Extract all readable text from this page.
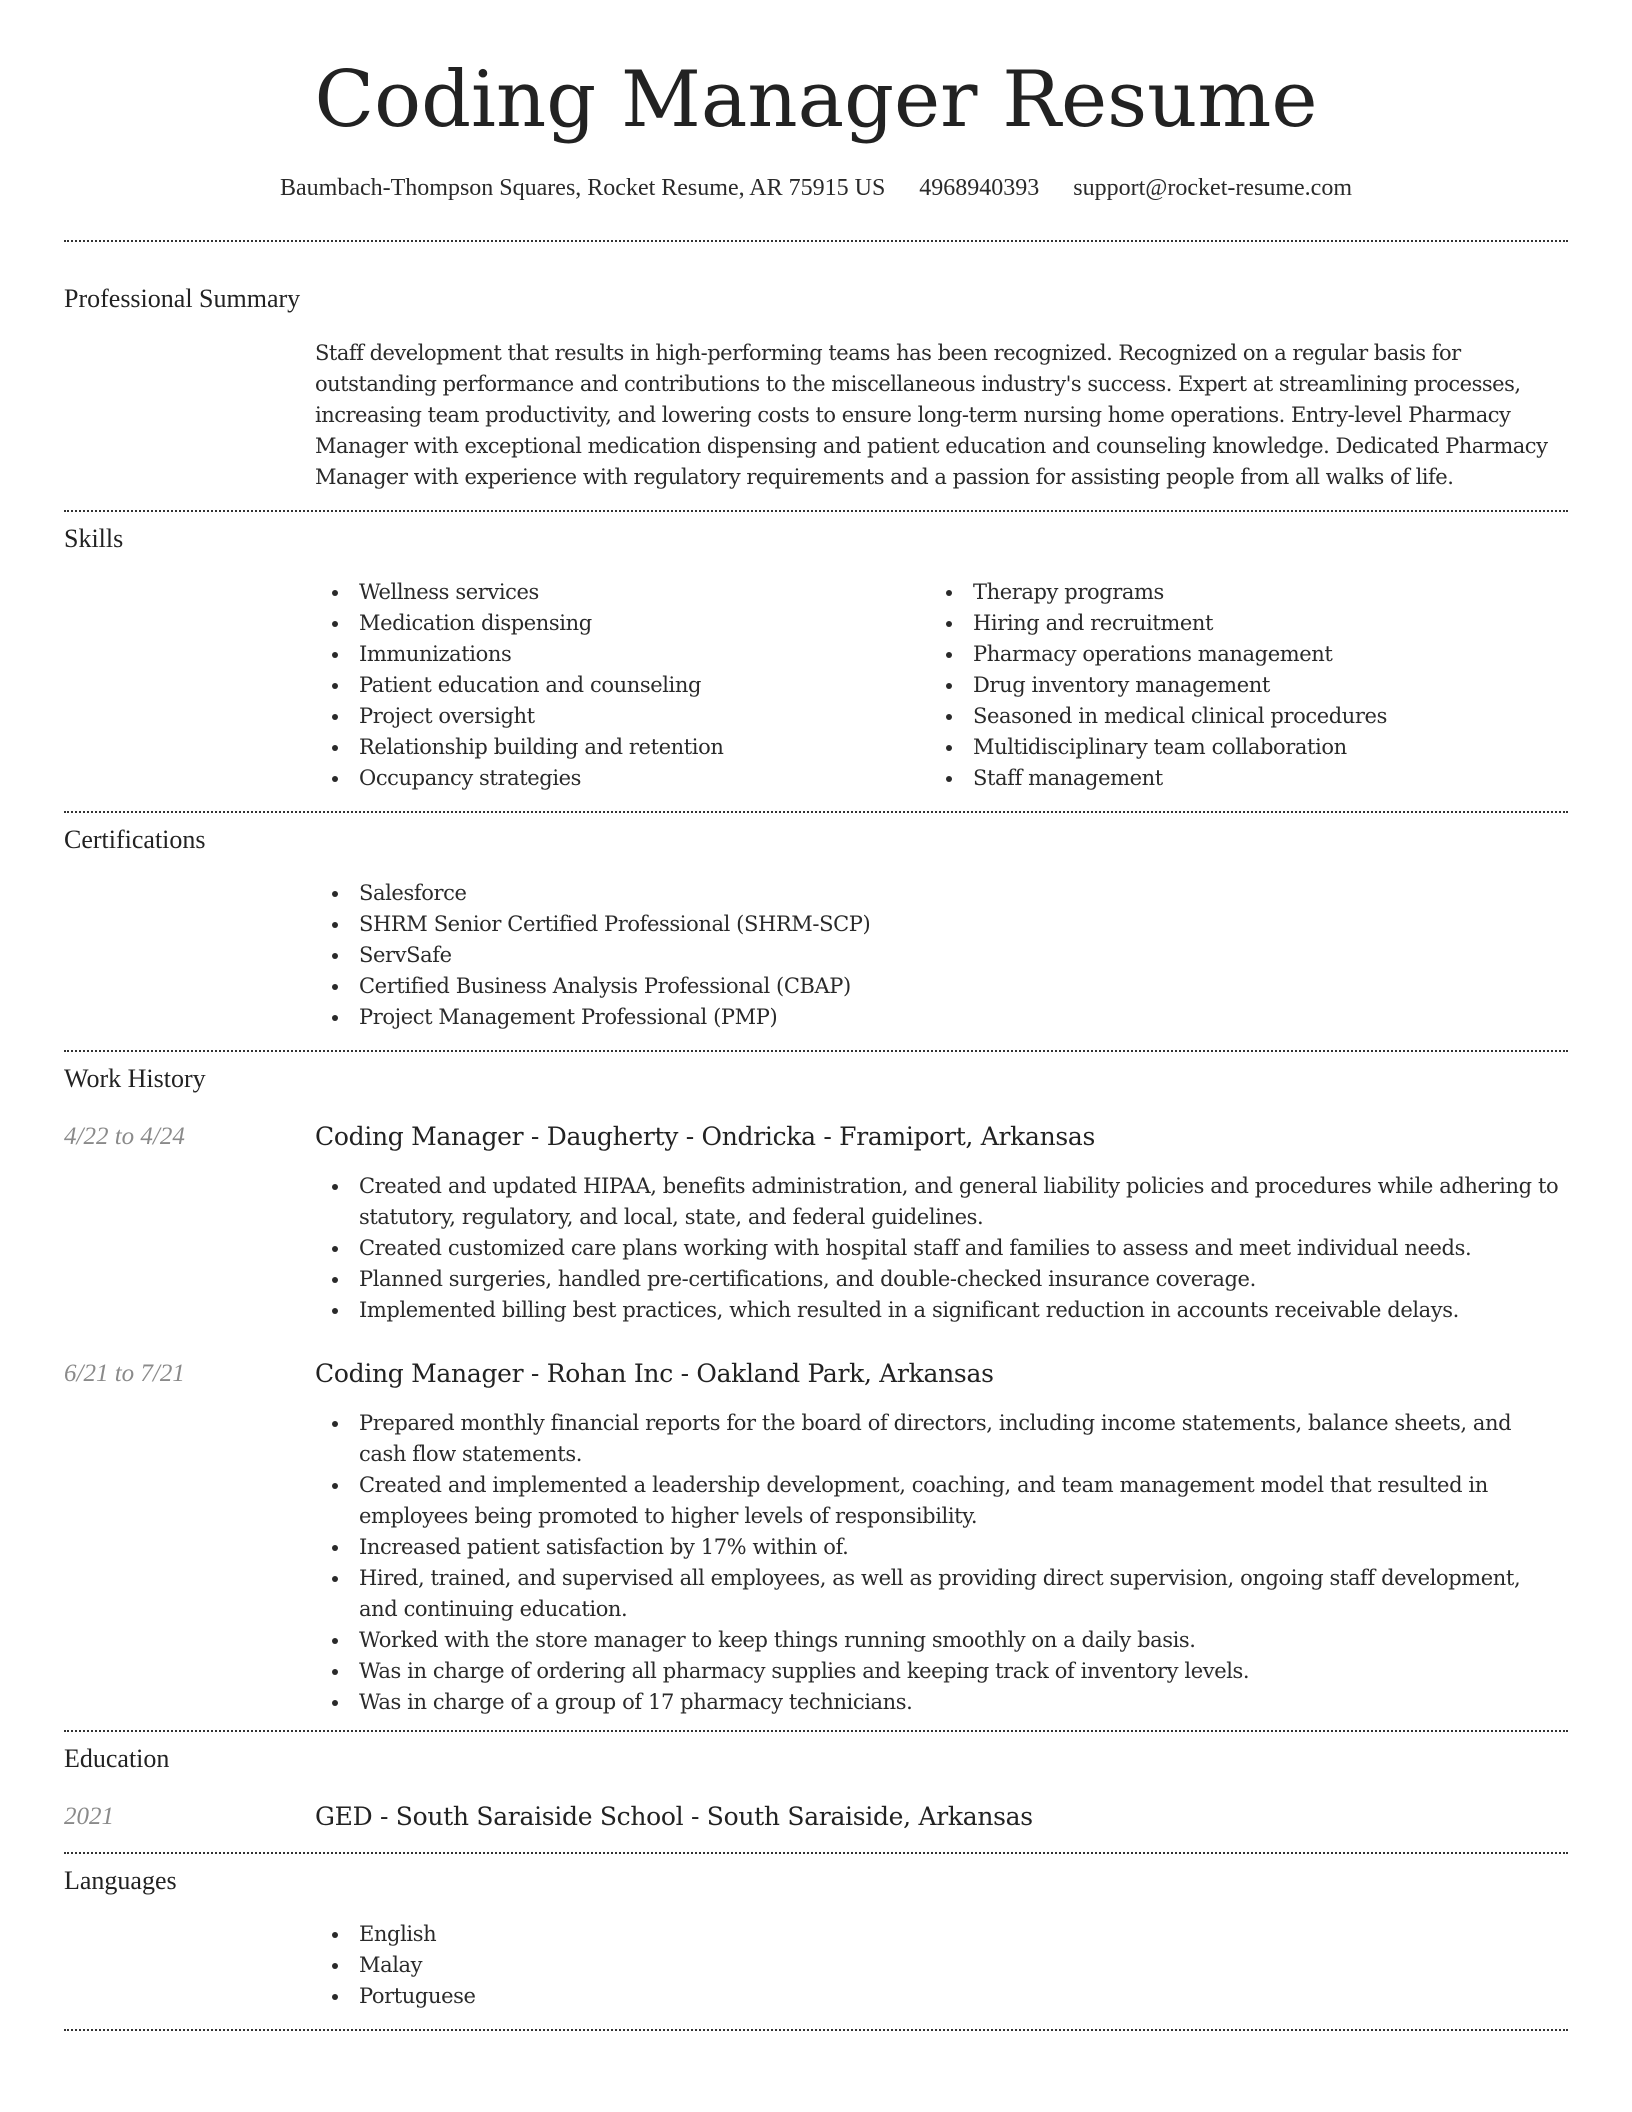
Coding Manager Resume
Baumbach-Thompson Squares, Rocket Resume, AR 75915 US 4968940393 support@rocket-resume.com
Professional Summary
Staff development that results in high-performing teams has been recognized. Recognized on a regular basis for outstanding performance and contributions to the miscellaneous industry's success. Expert at streamlining processes, increasing team productivity, and lowering costs to ensure long-term nursing home operations. Entry-level Pharmacy Manager with exceptional medication dispensing and patient education and counseling knowledge. Dedicated Pharmacy Manager with experience with regulatory requirements and a passion for assisting people from all walks of life.
Skills
Wellness services
Medication dispensing
Immunizations
Patient education and counseling
Project oversight
Relationship building and retention
Occupancy strategies
Therapy programs
Hiring and recruitment
Pharmacy operations management
Drug inventory management
Seasoned in medical clinical procedures
Multidisciplinary team collaboration
Staff management
Certifications
Salesforce
SHRM Senior Certified Professional (SHRM-SCP)
ServSafe
Certified Business Analysis Professional (CBAP)
Project Management Professional (PMP)
Work History
4/22 to 4/24	Coding Manager - Daugherty - Ondricka - Framiport, Arkansas
Created and updated HIPAA, benefits administration, and general liability policies and procedures while adhering to statutory, regulatory, and local, state, and federal guidelines.
Created customized care plans working with hospital staff and families to assess and meet individual needs.
Planned surgeries, handled pre-certifications, and double-checked insurance coverage.
Implemented billing best practices, which resulted in a significant reduction in accounts receivable delays.
6/21 to 7/21	Coding Manager - Rohan Inc - Oakland Park, Arkansas
Prepared monthly financial reports for the board of directors, including income statements, balance sheets, and cash flow statements.
Created and implemented a leadership development, coaching, and team management model that resulted in employees being promoted to higher levels of responsibility.
Increased patient satisfaction by 17% within of.
Hired, trained, and supervised all employees, as well as providing direct supervision, ongoing staff development, and continuing education.
Worked with the store manager to keep things running smoothly on a daily basis.
Was in charge of ordering all pharmacy supplies and keeping track of inventory levels.
Was in charge of a group of 17 pharmacy technicians.
Education
2021	GED - South Saraiside School - South Saraiside, Arkansas
Languages
English
Malay
Portuguese
